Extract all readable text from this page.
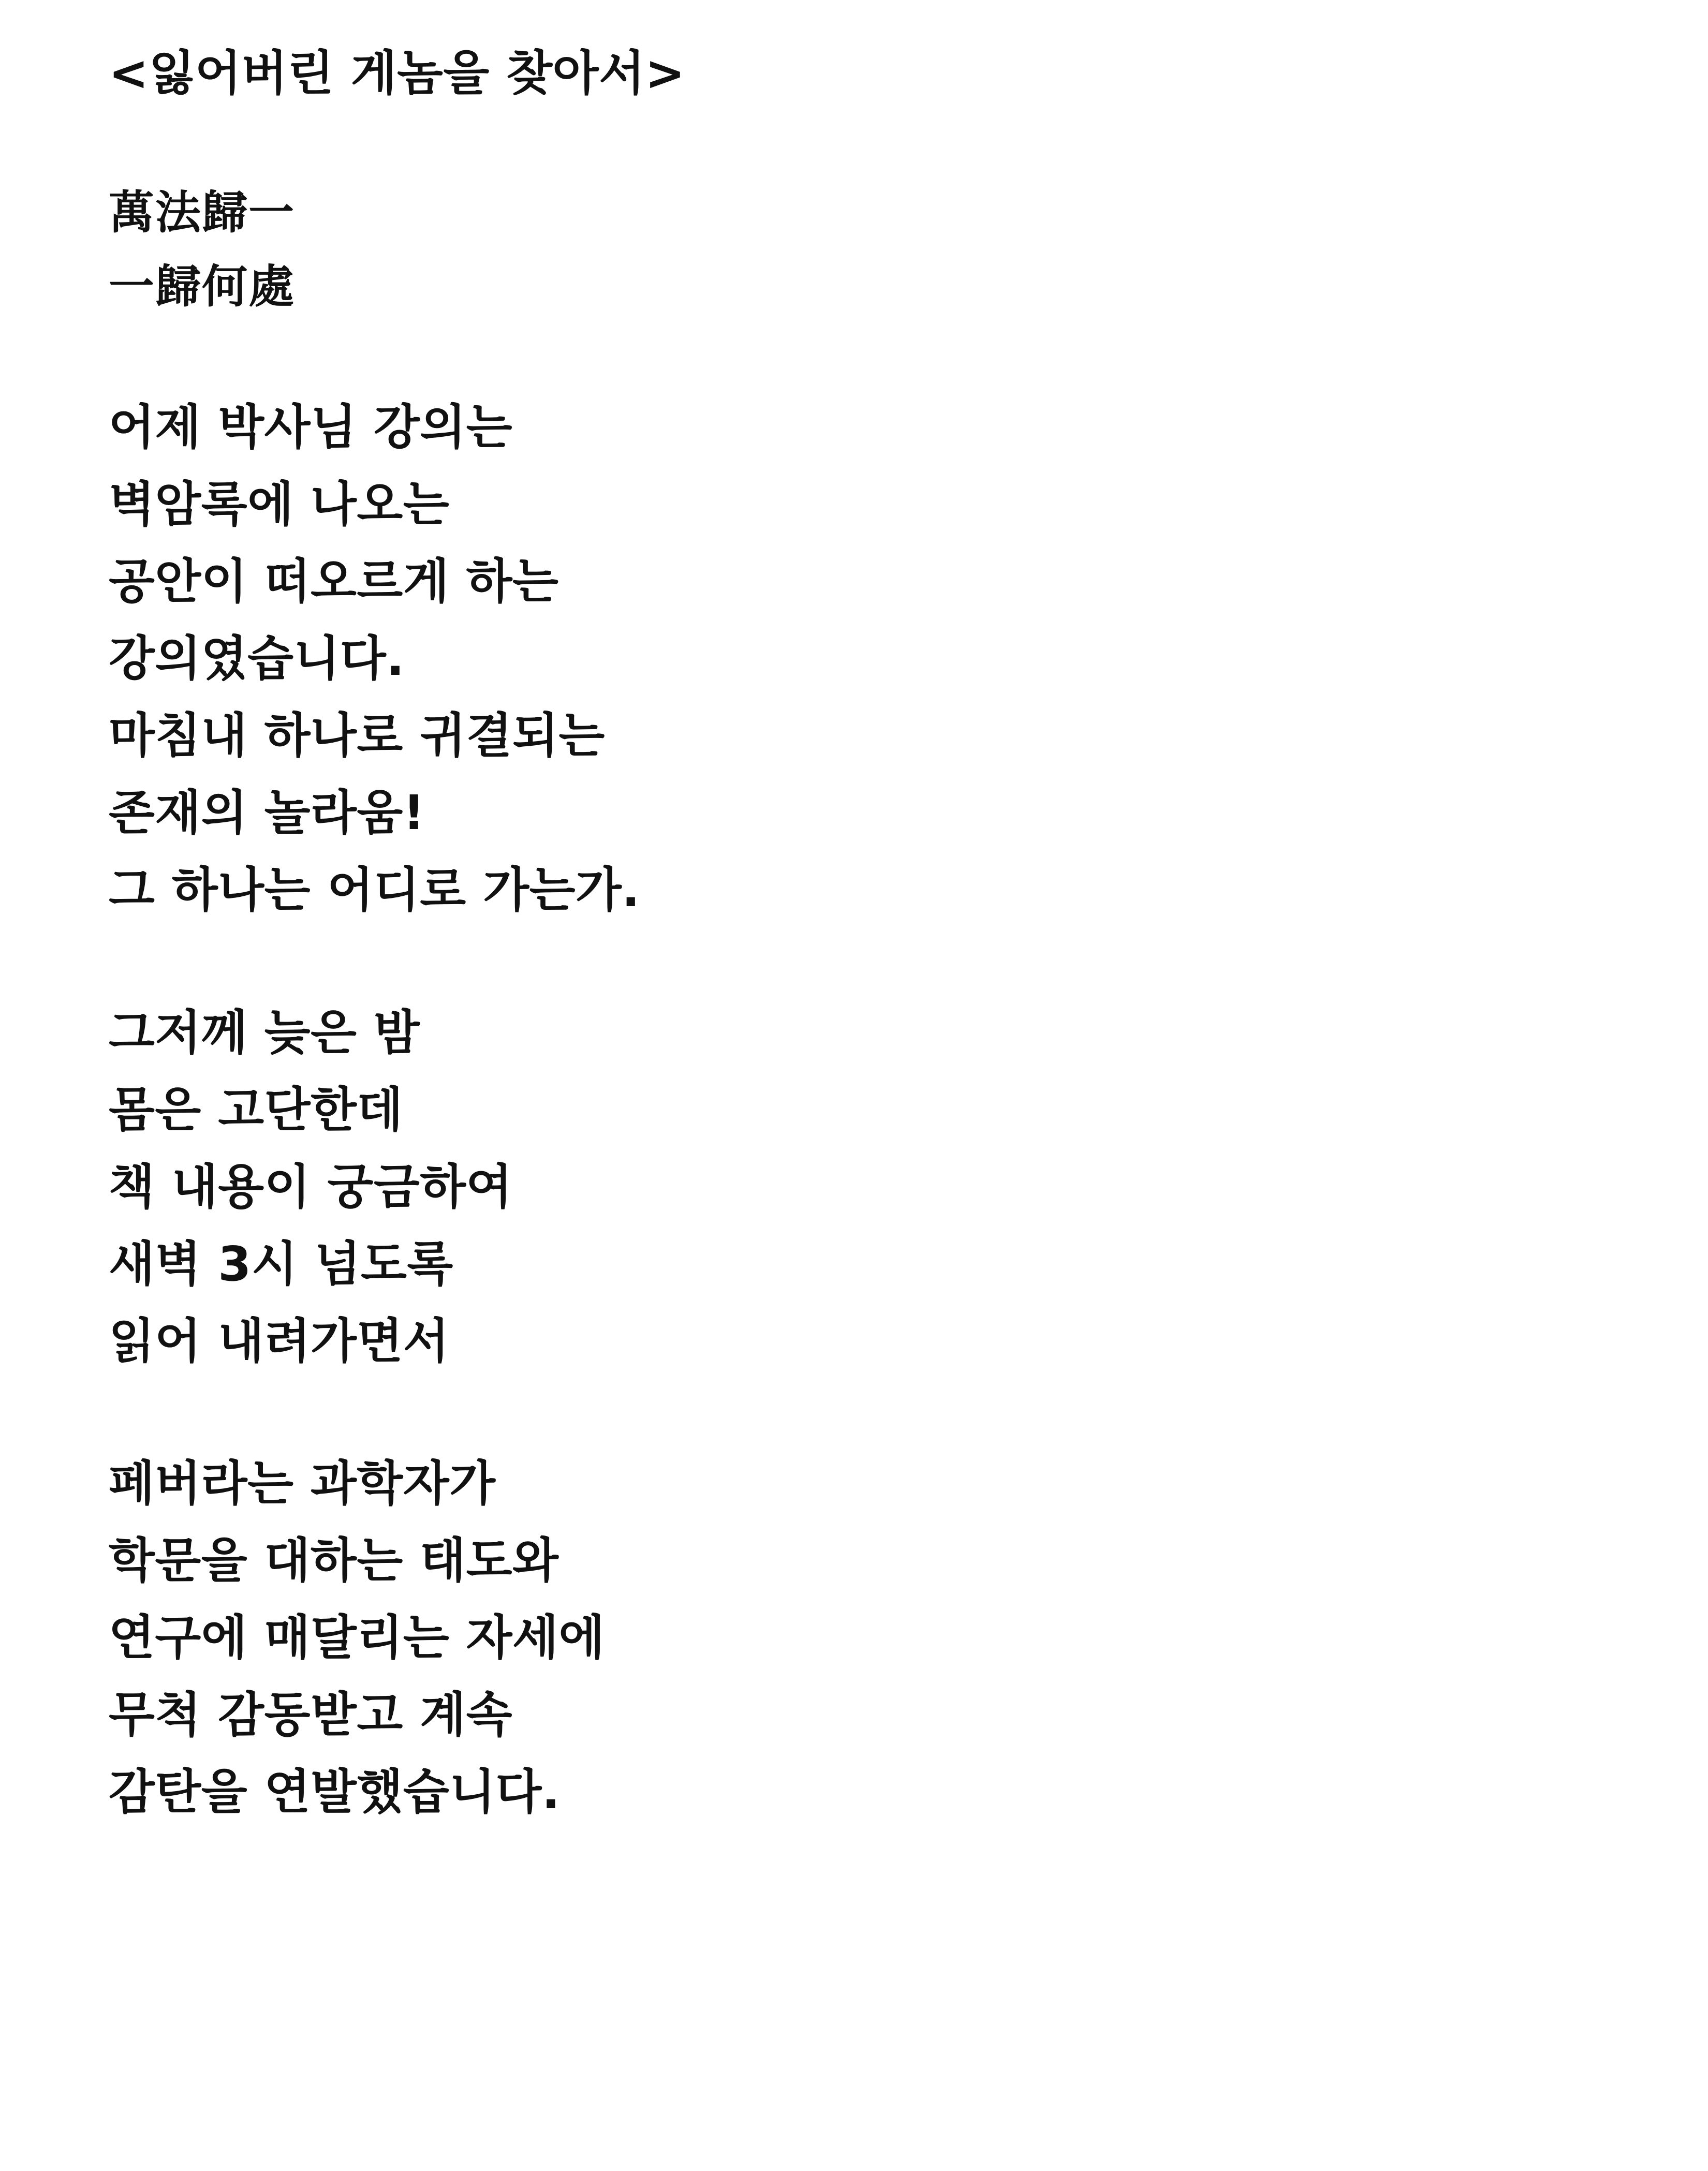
<잃어버린 게놈을 찾아서>
萬法歸一
一歸何處
어제 박사님 강의는
벽암록에 나오는
공안이 떠오르게 하는
강의였습니다.
마침내 하나로 귀결되는
존재의 놀라움!
그 하나는 어디로 가는가.
그저께 늦은 밤
몸은 고단한데
책 내용이 궁금하여
새벽 3시 넘도록
읽어 내려가면서
페버라는 과학자가
학문을 대하는 태도와
연구에 매달리는 자세에
무척 감동받고 계속
감탄을 연발했습니다.
